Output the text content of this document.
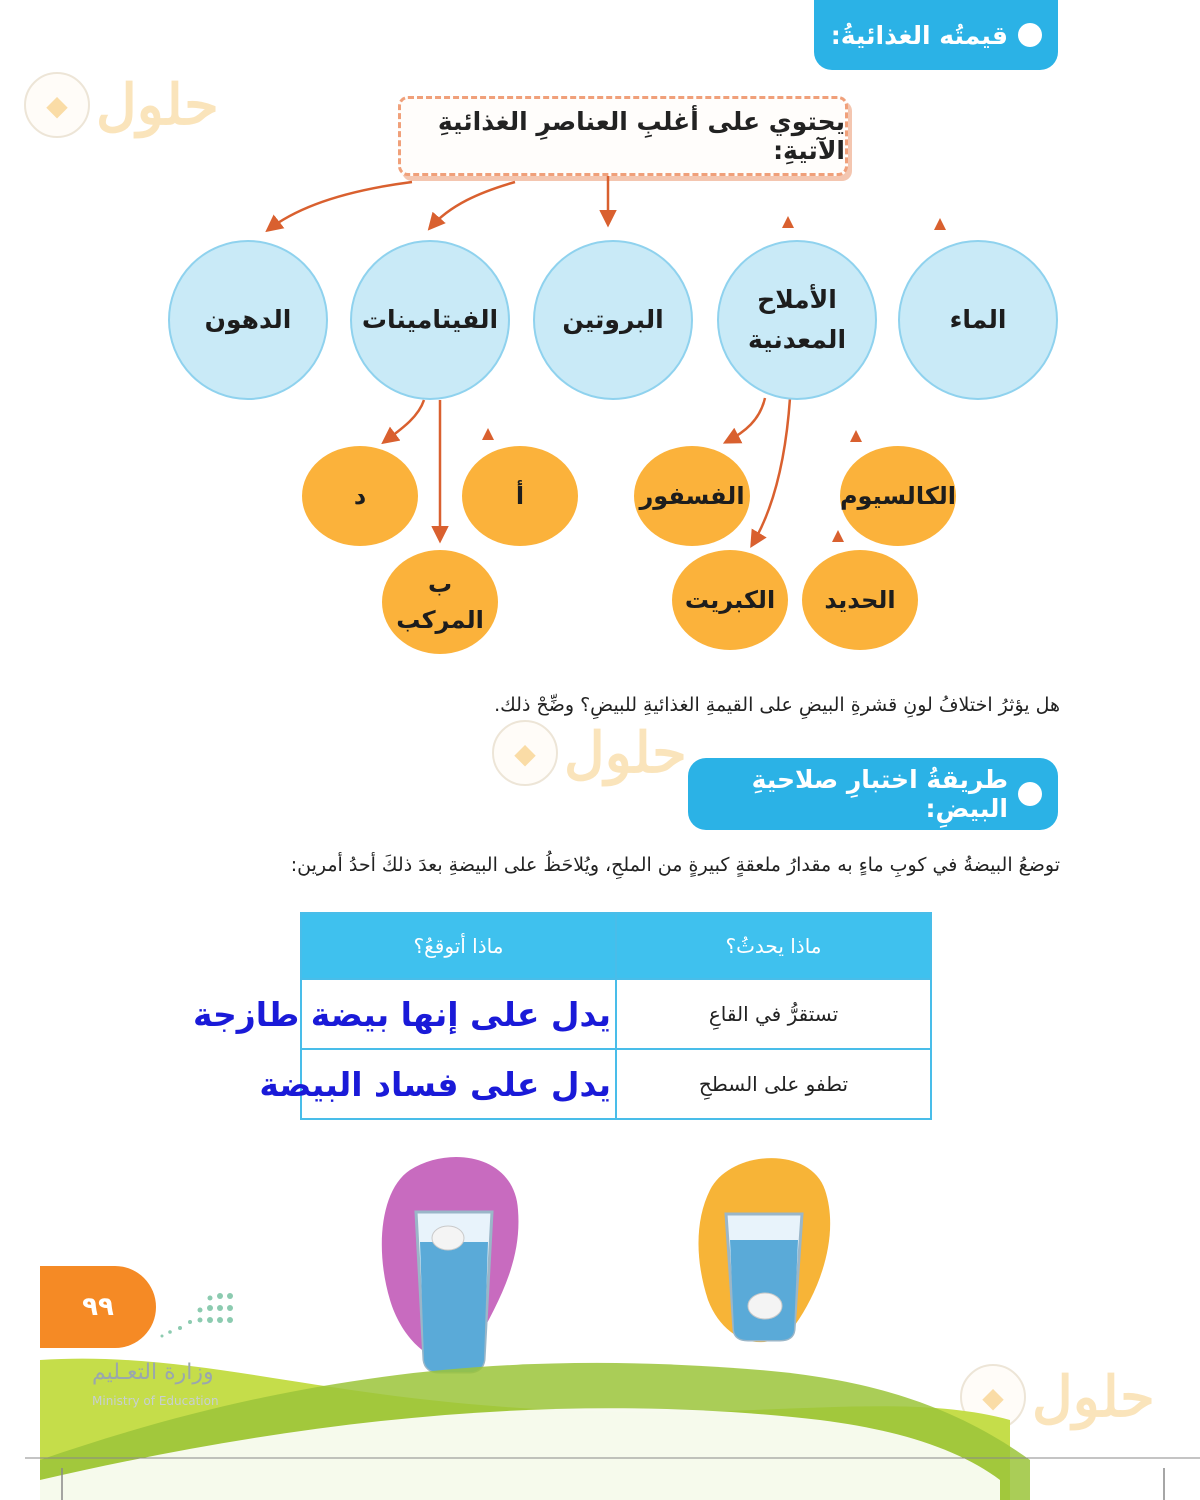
قيمتُه الغذائيةُ:
يحتوي على أغلبِ العناصرِ الغذائيةِ الآتيةِ:
الماء
الأملاح
المعدنية
البروتين
الفيتامينات
الدهون
الكالسيوم
الفسفور
الحديد
الكبريت
أ
د
ب
المركب
هل يؤثرُ اختلافُ لونِ قشرةِ البيضِ على القيمةِ الغذائيةِ للبيضِ؟ وضِّحْ ذلك.
طريقةُ اختبارِ صلاحيةِ البيضِ:
توضعُ البيضةُ في كوبِ ماءٍ به مقدارُ ملعقةٍ كبيرةٍ من الملحِ، ويُلاحَظُ على البيضةِ بعدَ ذلكَ أحدُ أمرين:
ماذا يحدثُ؟	ماذا أتوقعُ؟
تستقرُّ في القاعِ	يدل على إنها بيضة طازجة
تطفو على السطحِ	يدل على فساد البيضة
◆ حلول
◆ حلول
◆ حلول
٩٩
وزارة التعـليم
Ministry of Education
